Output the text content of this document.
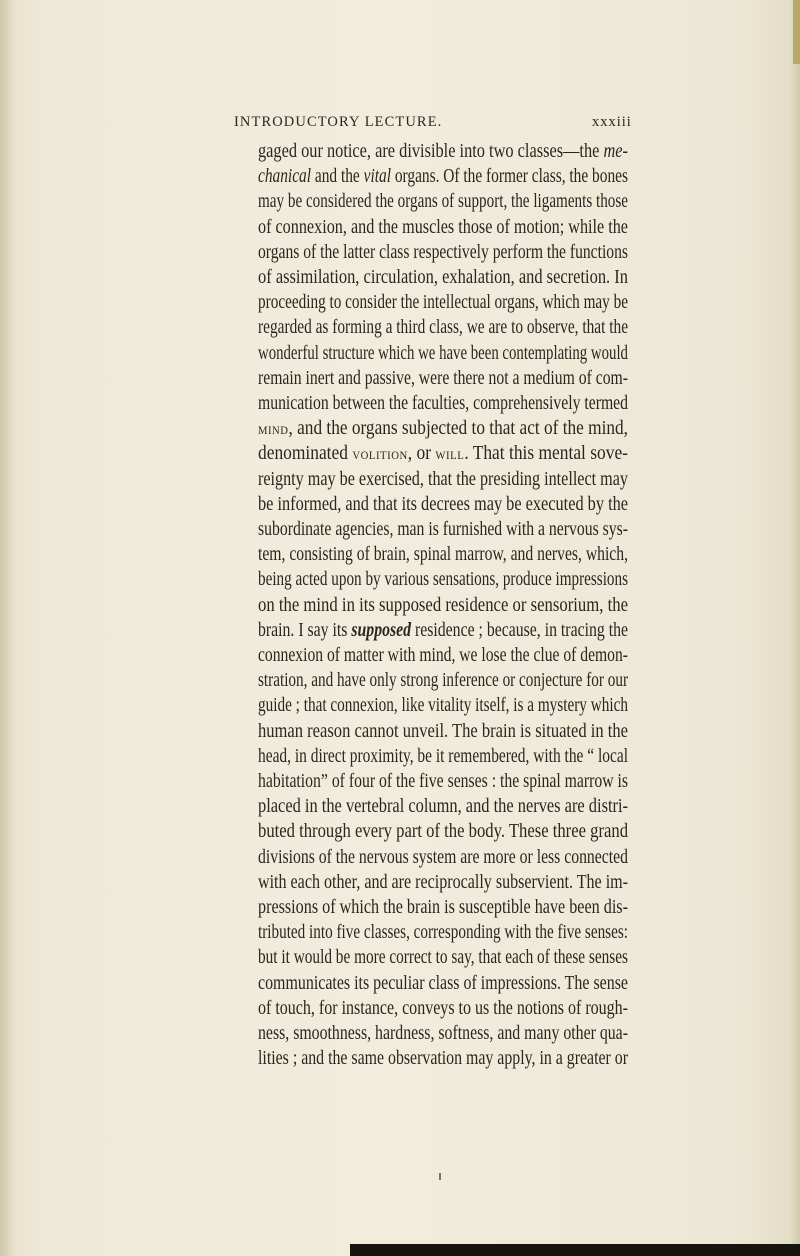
INTRODUCTORY LECTURE.	xxxiii
gaged our notice, are divisible into two classes—the me-
chanical and the vital organs. Of the former class, the bones
may be considered the organs of support, the ligaments those
of connexion, and the muscles those of motion; while the
organs of the latter class respectively perform the functions
of assimilation, circulation, exhalation, and secretion. In
proceeding to consider the intellectual organs, which may be
regarded as forming a third class, we are to observe, that the
wonderful structure which we have been contemplating would
remain inert and passive, were there not a medium of com-
munication between the faculties, comprehensively termed
mind, and the organs subjected to that act of the mind,
denominated volition, or will. That this mental sove-
reignty may be exercised, that the presiding intellect may
be informed, and that its decrees may be executed by the
subordinate agencies, man is furnished with a nervous sys-
tem, consisting of brain, spinal marrow, and nerves, which,
being acted upon by various sensations, produce impressions
on the mind in its supposed residence or sensorium, the
brain. I say its supposed residence ; because, in tracing the
connexion of matter with mind, we lose the clue of demon-
stration, and have only strong inference or conjecture for our
guide ; that connexion, like vitality itself, is a mystery which
human reason cannot unveil. The brain is situated in the
head, in direct proximity, be it remembered, with the “ local
habitation” of four of the five senses : the spinal marrow is
placed in the vertebral column, and the nerves are distri-
buted through every part of the body. These three grand
divisions of the nervous system are more or less connected
with each other, and are reciprocally subservient. The im-
pressions of which the brain is susceptible have been dis-
tributed into five classes, corresponding with the five senses:
but it would be more correct to say, that each of these senses
communicates its peculiar class of impressions. The sense
of touch, for instance, conveys to us the notions of rough-
ness, smoothness, hardness, softness, and many other qua-
lities ; and the same observation may apply, in a greater or
